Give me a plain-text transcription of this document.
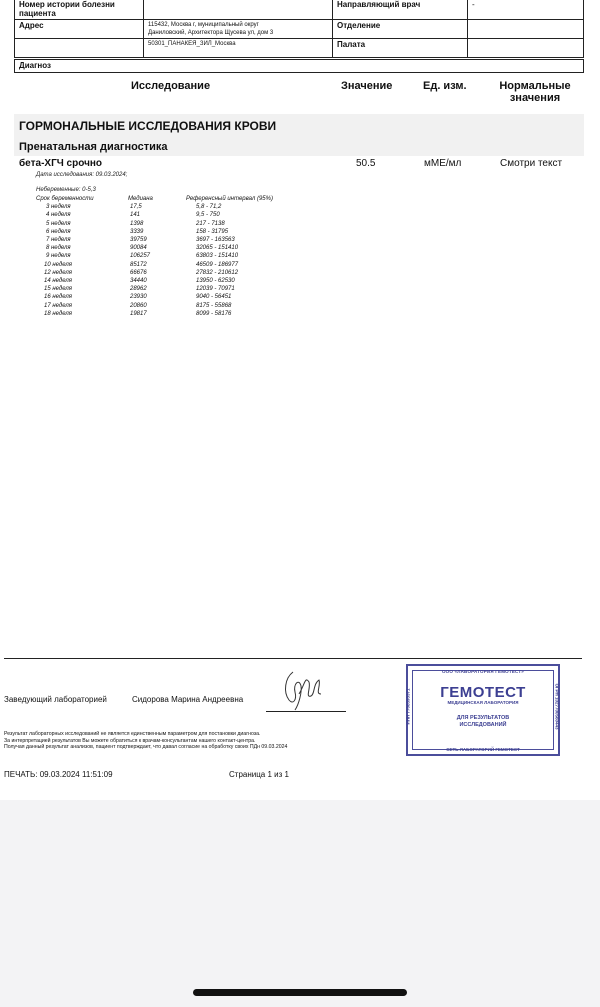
Номер истории болезни пациента		Направляющий врач	-
Адрес	115432, Москва г, муниципальный округ
Даниловский, Архитектора Щусева ул, дом 3	Отделение	
	50301_ПАНАКЕЯ_ЗИЛ_Москва	Палата	
Диагноз
Исследование	Значение	Ед. изм.	Нормальные
значения
ГОРМОНАЛЬНЫЕ ИССЛЕДОВАНИЯ КРОВИ
Пренатальная диагностика
бета-ХГЧ срочно	50.5	мМЕ/мл	Смотри текст
Дата исследования: 09.03.2024;
Небеременные: 0-5,3
Срок беременности	Медиана	Референсный интервал (95%)
3 неделя	17,5	5,8 - 71,2
4 неделя	141	9,5 - 750
5 неделя	1398	217 - 7138
6 неделя	3339	158 - 31795
7 неделя	39759	3697 - 163563
8 неделя	90084	32065 - 151410
9 неделя	106257	63803 - 151410
10 неделя	85172	46509 - 186977
12 неделя	66676	27832 - 210612
14 неделя	34440	13950 - 62530
15 неделя	28962	12039 - 70971
16 неделя	23930	9040 - 56451
17 неделя	20860	8175 - 55868
18 неделя	19817	8099 - 58176
Заведующий лабораторией	Сидорова Марина Андреевна
Результат лабораторных исследований не является единственным параметром для постановки диагноза.
За интерпретацией результатов Вы можете обратиться к врачам-консультантам нашего контакт-центра.
Получая данный результат анализов, пациент подтверждает, что давал согласие на обработку своих ПДн 09.03.2024
ПЕЧАТЬ: 09.03.2024 11:51:09	Страница 1 из 1
ООО «ЛАБОРАТОРИЯ ГЕМОТЕСТ»
ГЕМОТЕСТ
МЕДИЦИНСКАЯ ЛАБОРАТОРИЯ
ДЛЯ РЕЗУЛЬТАТОВ
ИССЛЕДОВАНИЙ
СЕТЬ ЛАБОРАТОРИЙ ГЕМОТЕСТ
ИНН 7708593371	ОГРН 1027700560443
